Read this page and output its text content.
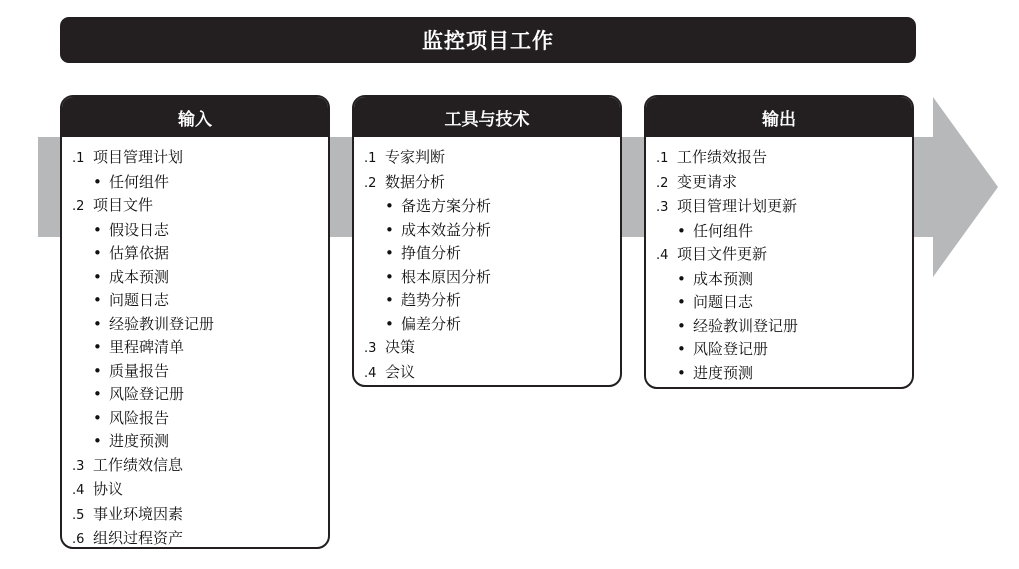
监控项目工作
输入
.1 项目管理计划
• 任何组件
.2 项目文件
• 假设日志
• 估算依据
• 成本预测
• 问题日志
• 经验教训登记册
• 里程碑清单
• 质量报告
• 风险登记册
• 风险报告
• 进度预测
.3 工作绩效信息
.4 协议
.5 事业环境因素
.6 组织过程资产
工具与技术
.1 专家判断
.2 数据分析
• 备选方案分析
• 成本效益分析
• 挣值分析
• 根本原因分析
• 趋势分析
• 偏差分析
.3 决策
.4 会议
输出
.1 工作绩效报告
.2 变更请求
.3 项目管理计划更新
• 任何组件
.4 项目文件更新
• 成本预测
• 问题日志
• 经验教训登记册
• 风险登记册
• 进度预测
